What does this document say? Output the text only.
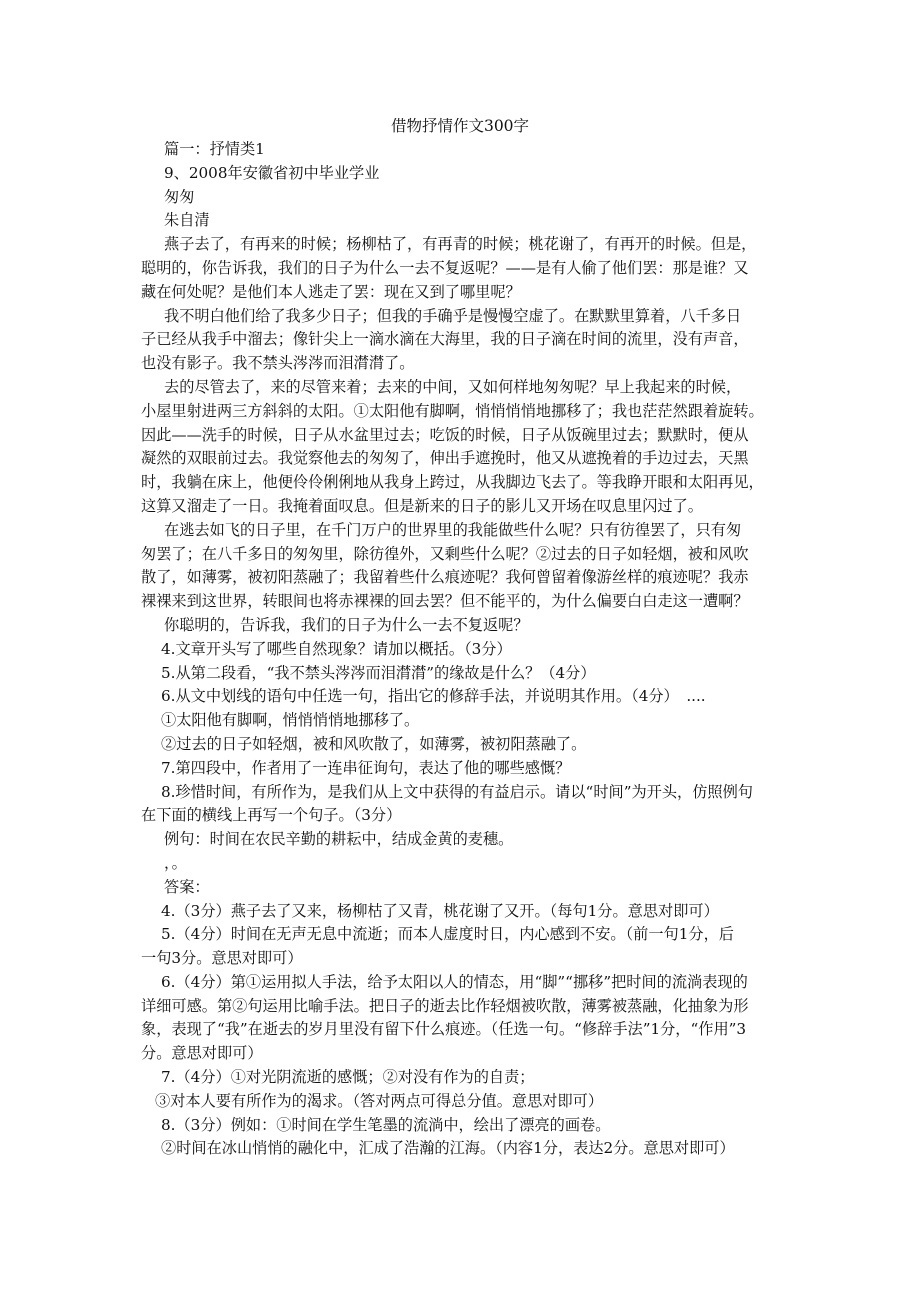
借物抒情作文300字
篇一：抒情类1
9、2008年安徽省初中毕业学业
匆匆
朱自清
燕子去了，有再来的时候；杨柳枯了，有再青的时候；桃花谢了，有再开的时候。但是，
聪明的，你告诉我，我们的日子为什么一去不复返呢？——是有人偷了他们罢：那是谁？又
藏在何处呢？是他们本人逃走了罢：现在又到了哪里呢？
我不明白他们给了我多少日子；但我的手确乎是慢慢空虚了。在默默里算着，八千多日
子已经从我手中溜去；像针尖上一滴水滴在大海里，我的日子滴在时间的流里，没有声音，
也没有影子。我不禁头涔涔而泪潸潸了。
去的尽管去了，来的尽管来着；去来的中间，又如何样地匆匆呢？早上我起来的时候，
小屋里射进两三方斜斜的太阳。①太阳他有脚啊，悄悄悄悄地挪移了；我也茫茫然跟着旋转。
因此——洗手的时候，日子从水盆里过去；吃饭的时候，日子从饭碗里过去；默默时，便从
凝然的双眼前过去。我觉察他去的匆匆了，伸出手遮挽时，他又从遮挽着的手边过去，天黑
时，我躺在床上，他便伶伶俐俐地从我身上跨过，从我脚边飞去了。等我睁开眼和太阳再见，
这算又溜走了一日。我掩着面叹息。但是新来的日子的影儿又开场在叹息里闪过了。
在逃去如飞的日子里，在千门万户的世界里的我能做些什么呢？只有彷徨罢了，只有匆
匆罢了；在八千多日的匆匆里，除彷徨外，又剩些什么呢？②过去的日子如轻烟，被和风吹
散了，如薄雾，被初阳蒸融了；我留着些什么痕迹呢？我何曾留着像游丝样的痕迹呢？我赤
裸裸来到这世界，转眼间也将赤裸裸的回去罢？但不能平的，为什么偏要白白走这一遭啊？
你聪明的，告诉我，我们的日子为什么一去不复返呢？
4.文章开头写了哪些自然现象？请加以概括。（3分）
5.从第二段看，“我不禁头涔涔而泪潸潸”的缘故是什么？（4分）
6.从文中划线的语句中任选一句，指出它的修辞手法，并说明其作用。（4分）　....
①太阳他有脚啊，悄悄悄悄地挪移了。
②过去的日子如轻烟，被和风吹散了，如薄雾，被初阳蒸融了。
7.第四段中，作者用了一连串征询句，表达了他的哪些感慨？
8.珍惜时间，有所作为，是我们从上文中获得的有益启示。请以“时间”为开头，仿照例句
在下面的横线上再写一个句子。（3分）
例句：时间在农民辛勤的耕耘中，结成金黄的麦穗。
，。
答案：
4.（3分）燕子去了又来，杨柳枯了又青，桃花谢了又开。（每句1分。意思对即可）
5.（4分）时间在无声无息中流逝；而本人虚度时日，内心感到不安。（前一句1分，后
一句3分。意思对即可）
6.（4分）第①运用拟人手法，给予太阳以人的情态，用“脚”“挪移”把时间的流淌表现的
详细可感。第②句运用比喻手法。把日子的逝去比作轻烟被吹散，薄雾被蒸融，化抽象为形
象，表现了“我”在逝去的岁月里没有留下什么痕迹。（任选一句。“修辞手法”1分，“作用”3
分。意思对即可）
7.（4分）①对光阴流逝的感慨；②对没有作为的自责；
③对本人要有所作为的渴求。（答对两点可得总分值。意思对即可）
8.（3分）例如：①时间在学生笔墨的流淌中，绘出了漂亮的画卷。
②时间在冰山悄悄的融化中，汇成了浩瀚的江海。（内容1分，表达2分。意思对即可）
